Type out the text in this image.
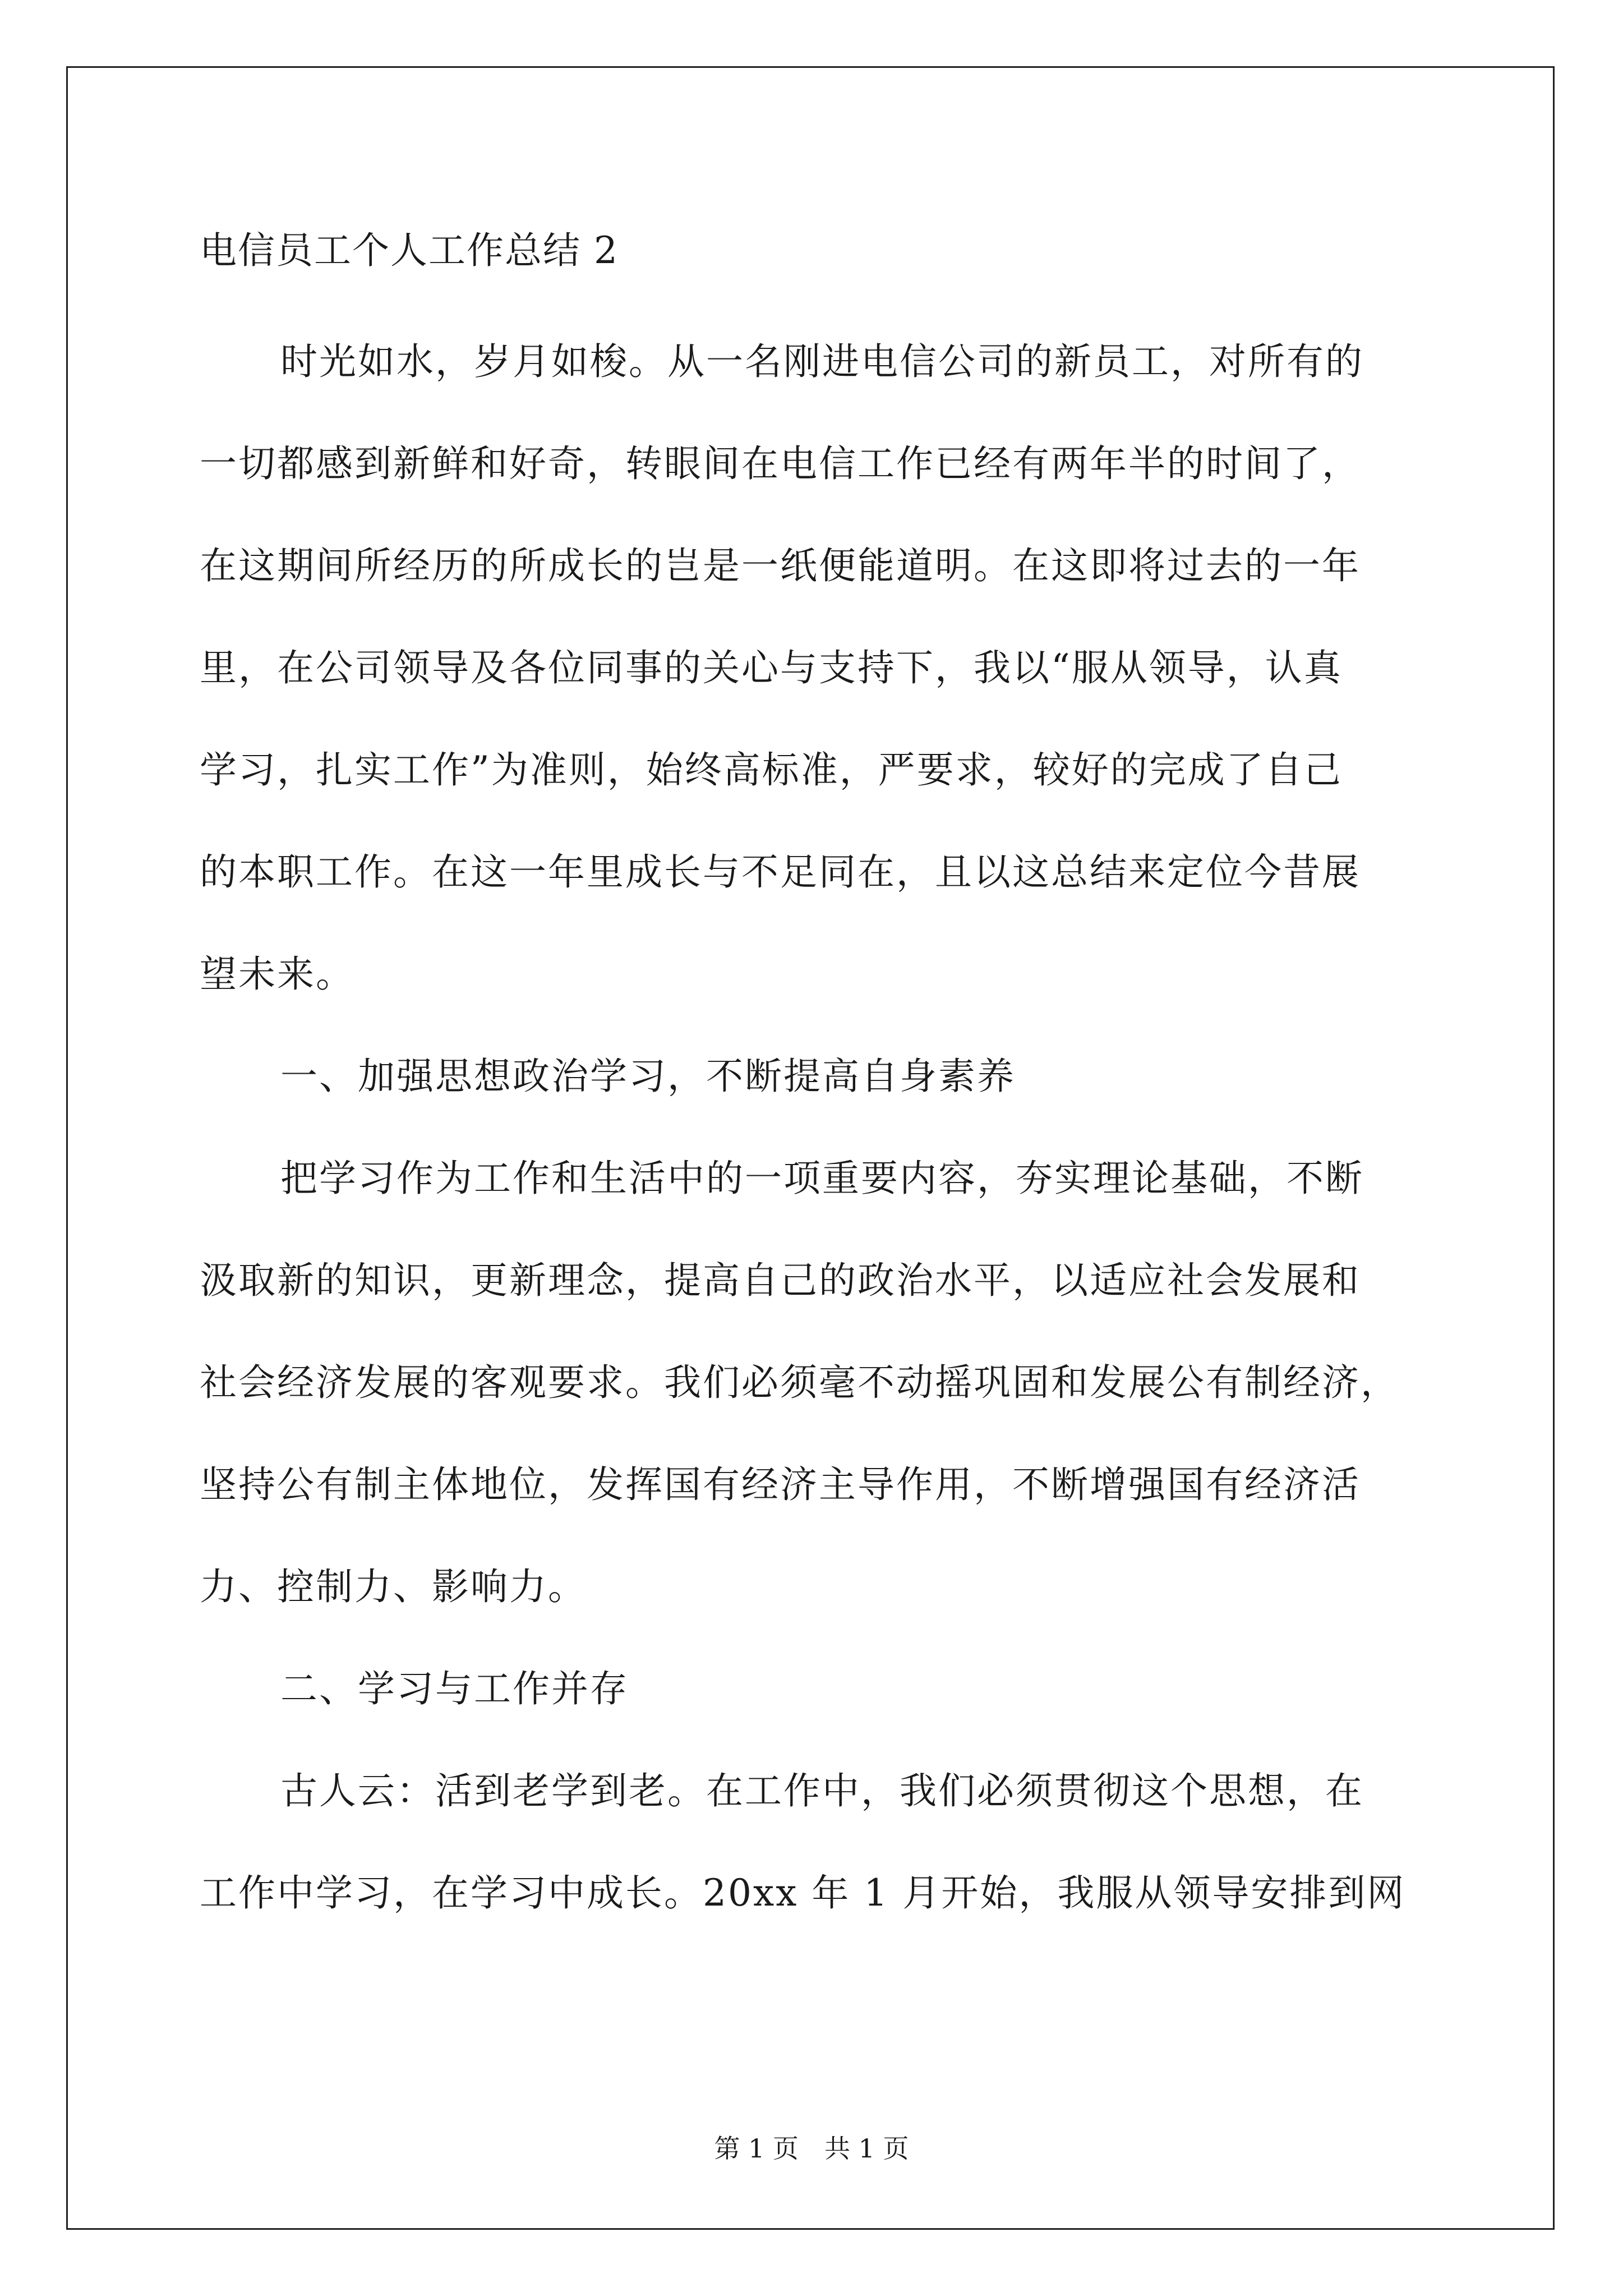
电信员工个人工作总结 2

时光如水，岁月如梭。从一名刚进电信公司的新员工，对所有的
一切都感到新鲜和好奇，转眼间在电信工作已经有两年半的时间了，
在这期间所经历的所成长的岂是一纸便能道明。在这即将过去的一年
里，在公司领导及各位同事的关心与支持下，我以“服从领导，认真
学习，扎实工作”为准则，始终高标准，严要求，较好的完成了自己
的本职工作。在这一年里成长与不足同在，且以这总结来定位今昔展
望未来。

一、加强思想政治学习，不断提高自身素养

把学习作为工作和生活中的一项重要内容，夯实理论基础，不断
汲取新的知识，更新理念，提高自己的政治水平，以适应社会发展和
社会经济发展的客观要求。我们必须毫不动摇巩固和发展公有制经济，
坚持公有制主体地位，发挥国有经济主导作用，不断增强国有经济活
力、控制力、影响力。

二、学习与工作并存

古人云：活到老学到老。在工作中，我们必须贯彻这个思想，在
工作中学习，在学习中成长。20xx 年 1 月开始，我服从领导安排到网

第 1 页　共 1 页
